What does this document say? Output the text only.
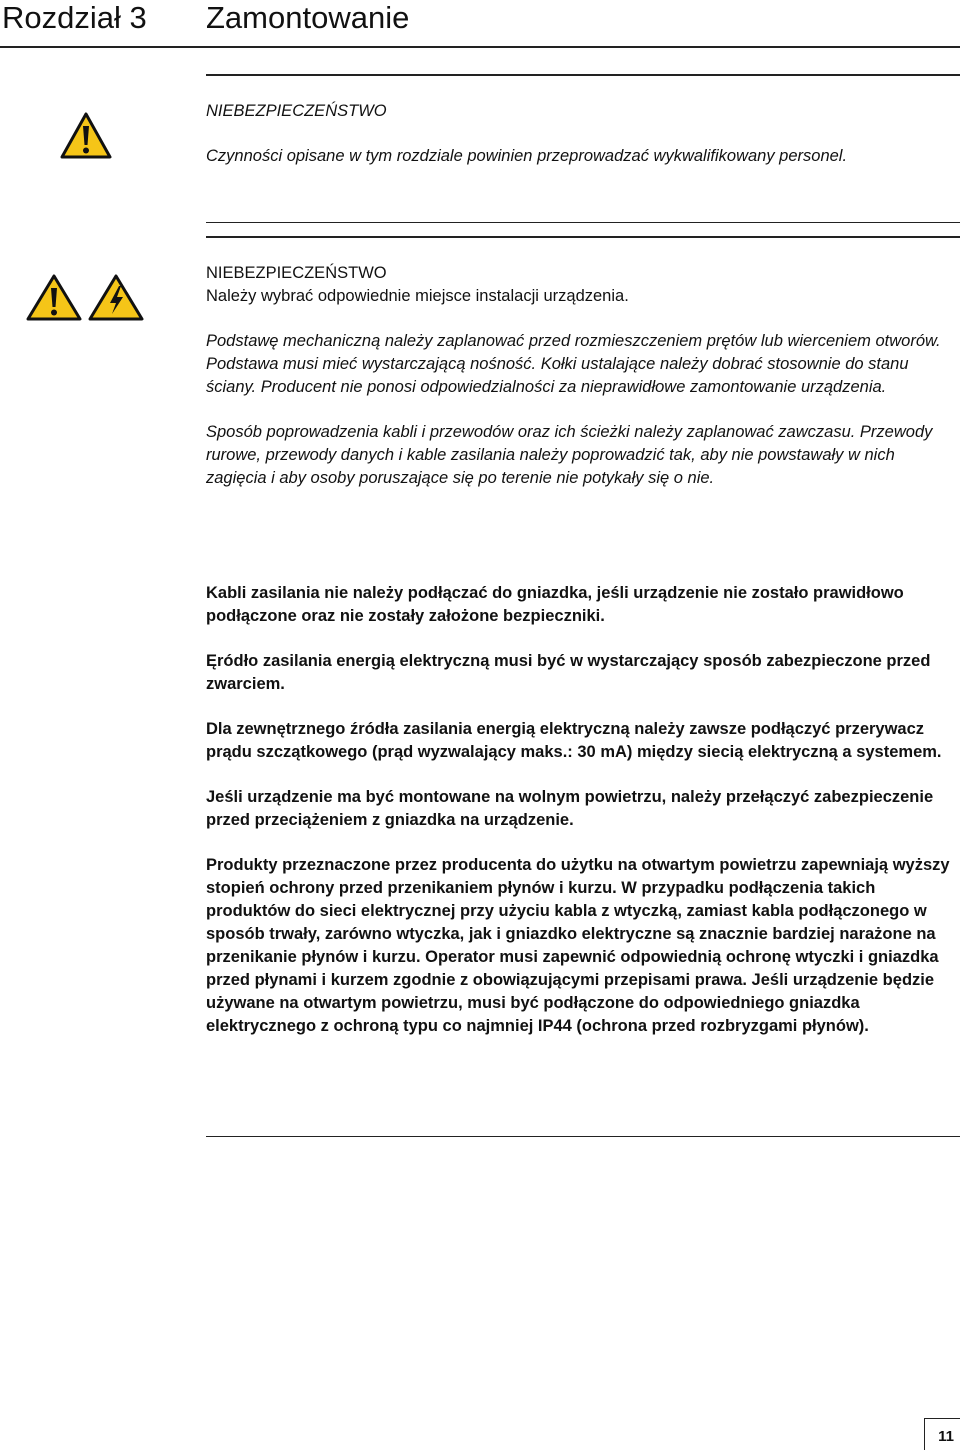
Rozdział 3 Zamontowanie

NIEBEZPIECZEŃSTWO

Czynności opisane w tym rozdziale powinien przeprowadzać wykwalifikowany personel.

NIEBEZPIECZEŃSTWO
Należy wybrać odpowiednie miejsce instalacji urządzenia.

Podstawę mechaniczną należy zaplanować przed rozmieszczeniem prętów lub wierceniem otworów. Podstawa musi mieć wystarczającą nośność. Kołki ustalające należy dobrać stosownie do stanu ściany. Producent nie ponosi odpowiedzialności za nieprawidłowe zamontowanie urządzenia.

Sposób poprowadzenia kabli i przewodów oraz ich ścieżki należy zaplanować zawczasu. Przewody rurowe, przewody danych i kable zasilania należy poprowadzić tak, aby nie powstawały w nich zagięcia i aby osoby poruszające się po terenie nie potykały się o nie.

Kabli zasilania nie należy podłączać do gniazdka, jeśli urządzenie nie zostało prawidłowo podłączone oraz nie zostały założone bezpieczniki.

Ęródło zasilania energią elektryczną musi być w wystarczający sposób zabezpieczone przed zwarciem.

Dla zewnętrznego źródła zasilania energią elektryczną należy zawsze podłączyć przerywacz prądu szczątkowego (prąd wyzwalający maks.: 30 mA) między siecią elektryczną a systemem.

Jeśli urządzenie ma być montowane na wolnym powietrzu, należy przełączyć zabezpieczenie przed przeciążeniem z gniazdka na urządzenie.

Produkty przeznaczone przez producenta do użytku na otwartym powietrzu zapewniają wyższy stopień ochrony przed przenikaniem płynów i kurzu. W przypadku podłączenia takich produktów do sieci elektrycznej przy użyciu kabla z wtyczką, zamiast kabla podłączonego w sposób trwały, zarówno wtyczka, jak i gniazdko elektryczne są znacznie bardziej narażone na przenikanie płynów i kurzu. Operator musi zapewnić odpowiednią ochronę wtyczki i gniazdka przed płynami i kurzem zgodnie z obowiązującymi przepisami prawa. Jeśli urządzenie będzie używane na otwartym powietrzu, musi być podłączone do odpowiedniego gniazdka elektrycznego z ochroną typu co najmniej IP44 (ochrona przed rozbryzgami płynów).

11
